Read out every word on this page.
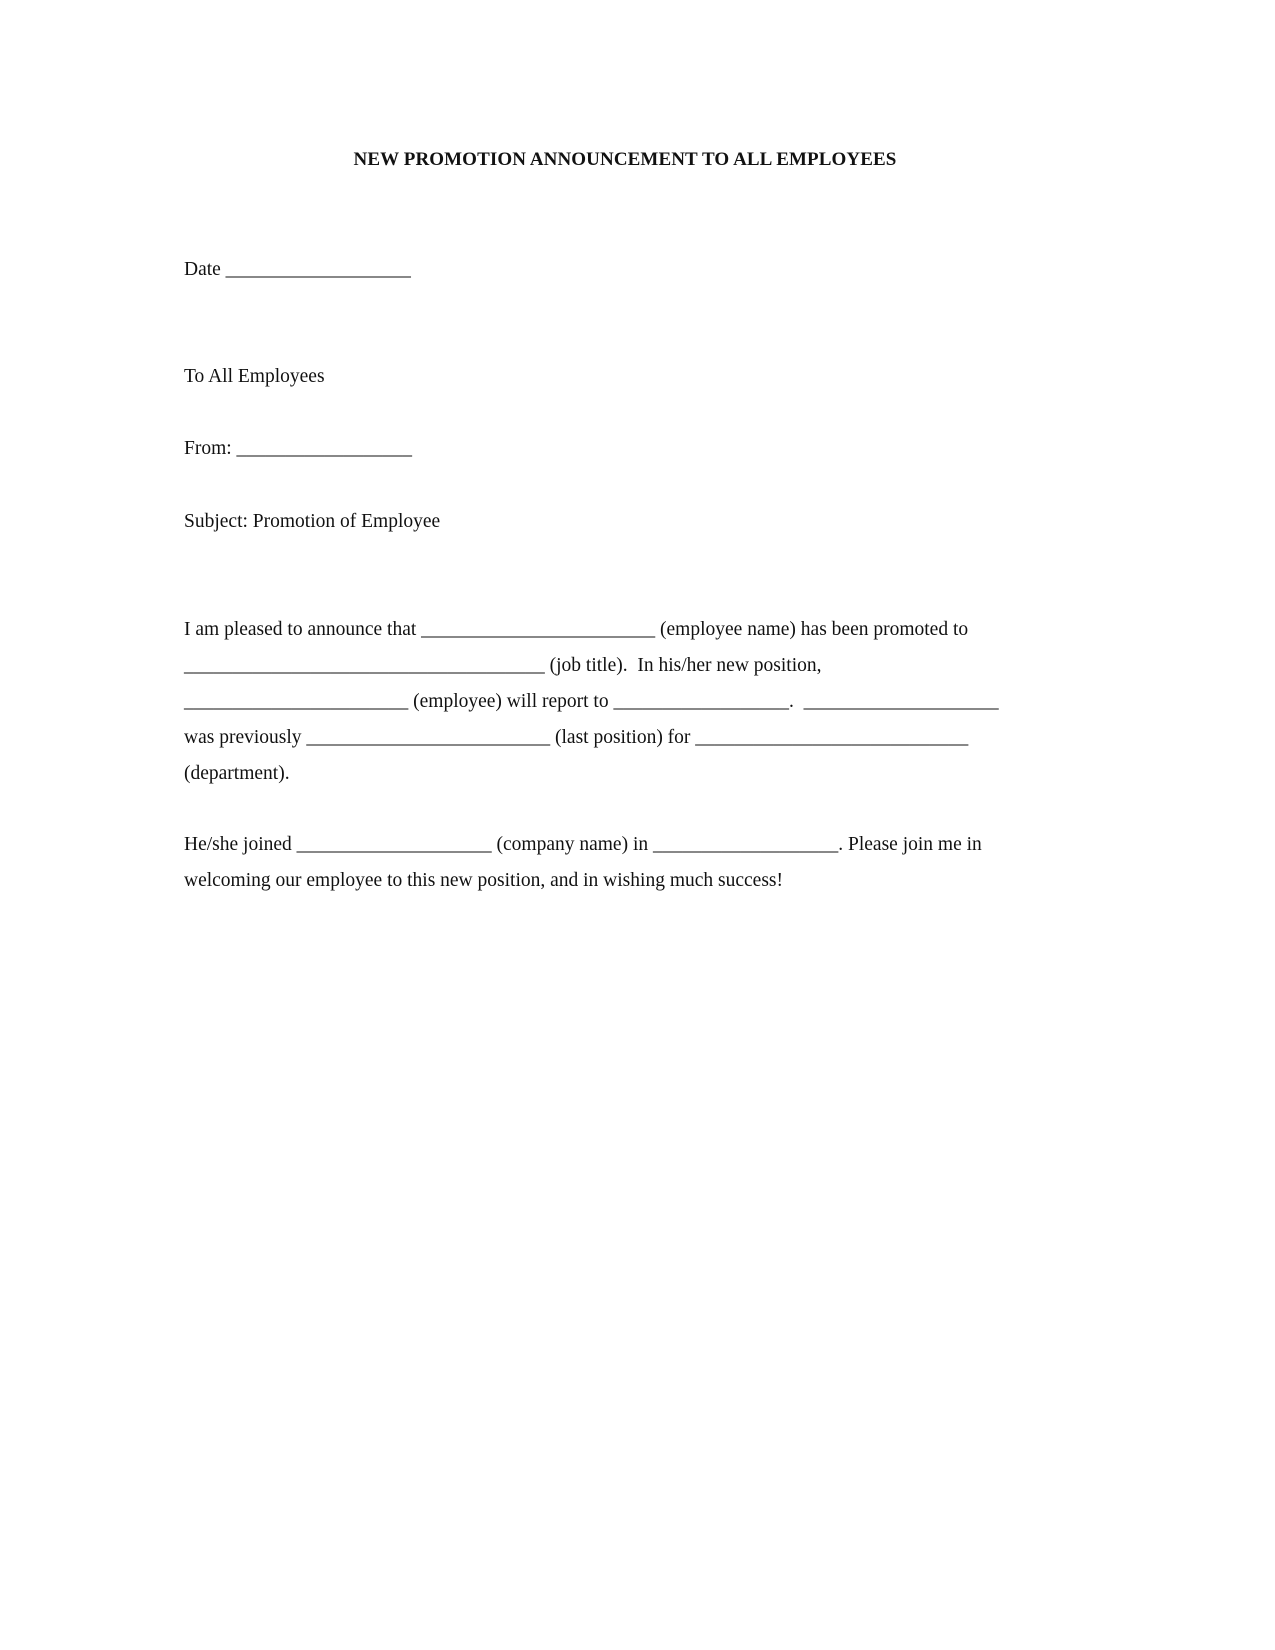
NEW PROMOTION ANNOUNCEMENT TO ALL EMPLOYEES
Date ___________________
To All Employees
From: __________________
Subject: Promotion of Employee
I am pleased to announce that ________________________ (employee name) has been promoted to
_____________________________________ (job title).  In his/her new position,
_______________________ (employee) will report to __________________.  ____________________
was previously _________________________ (last position) for ____________________________
(department).
He/she joined ____________________ (company name) in ___________________. Please join me in
welcoming our employee to this new position, and in wishing much success!
